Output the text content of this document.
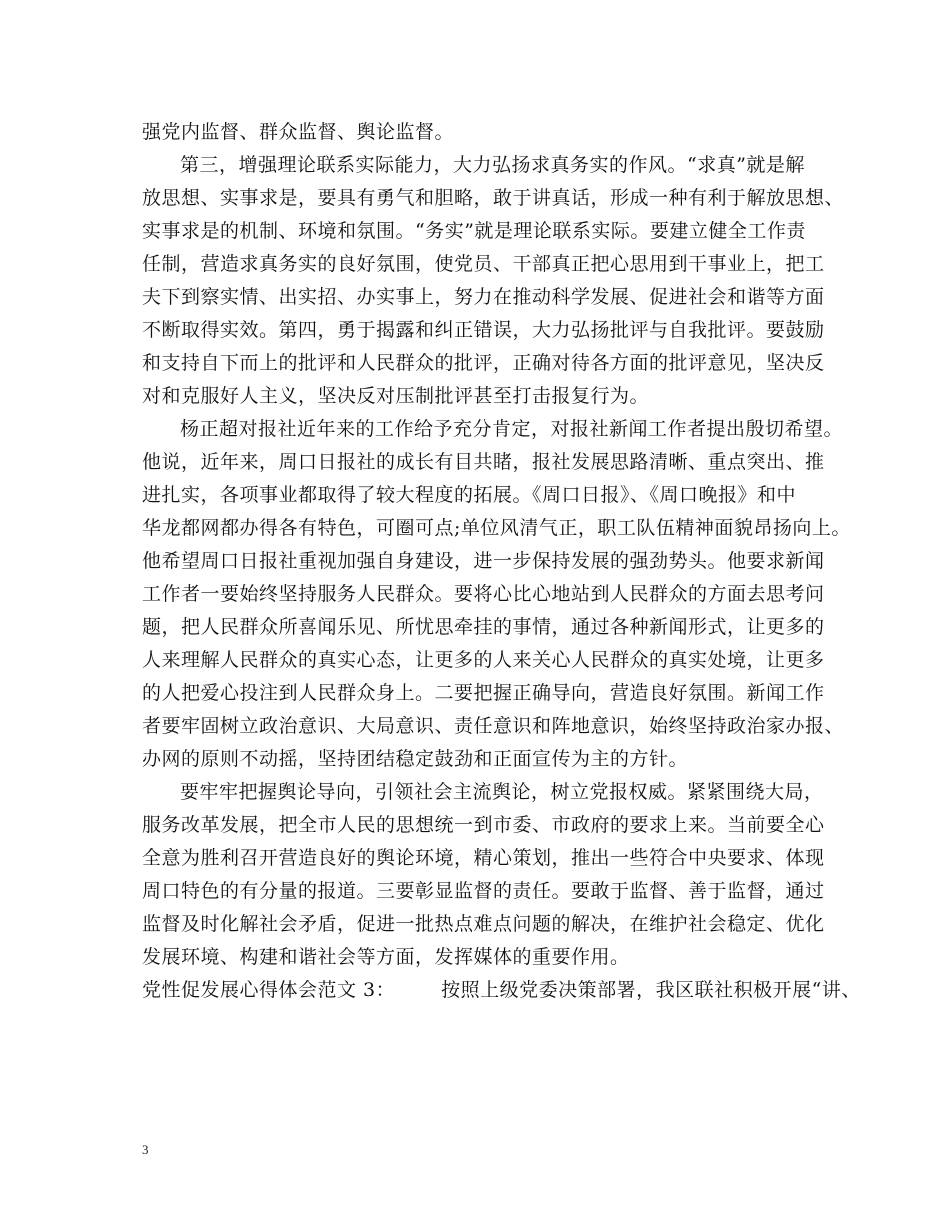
强党内监督、群众监督、舆论监督。
第三，增强理论联系实际能力，大力弘扬求真务实的作风。“求真”就是解
放思想、实事求是，要具有勇气和胆略，敢于讲真话，形成一种有利于解放思想、
实事求是的机制、环境和氛围。“务实”就是理论联系实际。要建立健全工作责
任制，营造求真务实的良好氛围，使党员、干部真正把心思用到干事业上，把工
夫下到察实情、出实招、办实事上，努力在推动科学发展、促进社会和谐等方面
不断取得实效。第四，勇于揭露和纠正错误，大力弘扬批评与自我批评。要鼓励
和支持自下而上的批评和人民群众的批评，正确对待各方面的批评意见，坚决反
对和克服好人主义，坚决反对压制批评甚至打击报复行为。
杨正超对报社近年来的工作给予充分肯定，对报社新闻工作者提出殷切希望。
他说，近年来，周口日报社的成长有目共睹，报社发展思路清晰、重点突出、推
进扎实，各项事业都取得了较大程度的拓展。《周口日报》、《周口晚报》和中
华龙都网都办得各有特色，可圈可点;单位风清气正，职工队伍精神面貌昂扬向上。
他希望周口日报社重视加强自身建设，进一步保持发展的强劲势头。他要求新闻
工作者一要始终坚持服务人民群众。要将心比心地站到人民群众的方面去思考问
题，把人民群众所喜闻乐见、所忧思牵挂的事情，通过各种新闻形式，让更多的
人来理解人民群众的真实心态，让更多的人来关心人民群众的真实处境，让更多
的人把爱心投注到人民群众身上。二要把握正确导向，营造良好氛围。新闻工作
者要牢固树立政治意识、大局意识、责任意识和阵地意识，始终坚持政治家办报、
办网的原则不动摇，坚持团结稳定鼓劲和正面宣传为主的方针。
要牢牢把握舆论导向，引领社会主流舆论，树立党报权威。紧紧围绕大局，
服务改革发展，把全市人民的思想统一到市委、市政府的要求上来。当前要全心
全意为胜利召开营造良好的舆论环境，精心策划，推出一些符合中央要求、体现
周口特色的有分量的报道。三要彰显监督的责任。要敢于监督、善于监督，通过
监督及时化解社会矛盾，促进一批热点难点问题的解决，在维护社会稳定、优化
发展环境、构建和谐社会等方面，发挥媒体的重要作用。
党性促发展心得体会范文 3： 按照上级党委决策部署，我区联社积极开展“讲、
3
